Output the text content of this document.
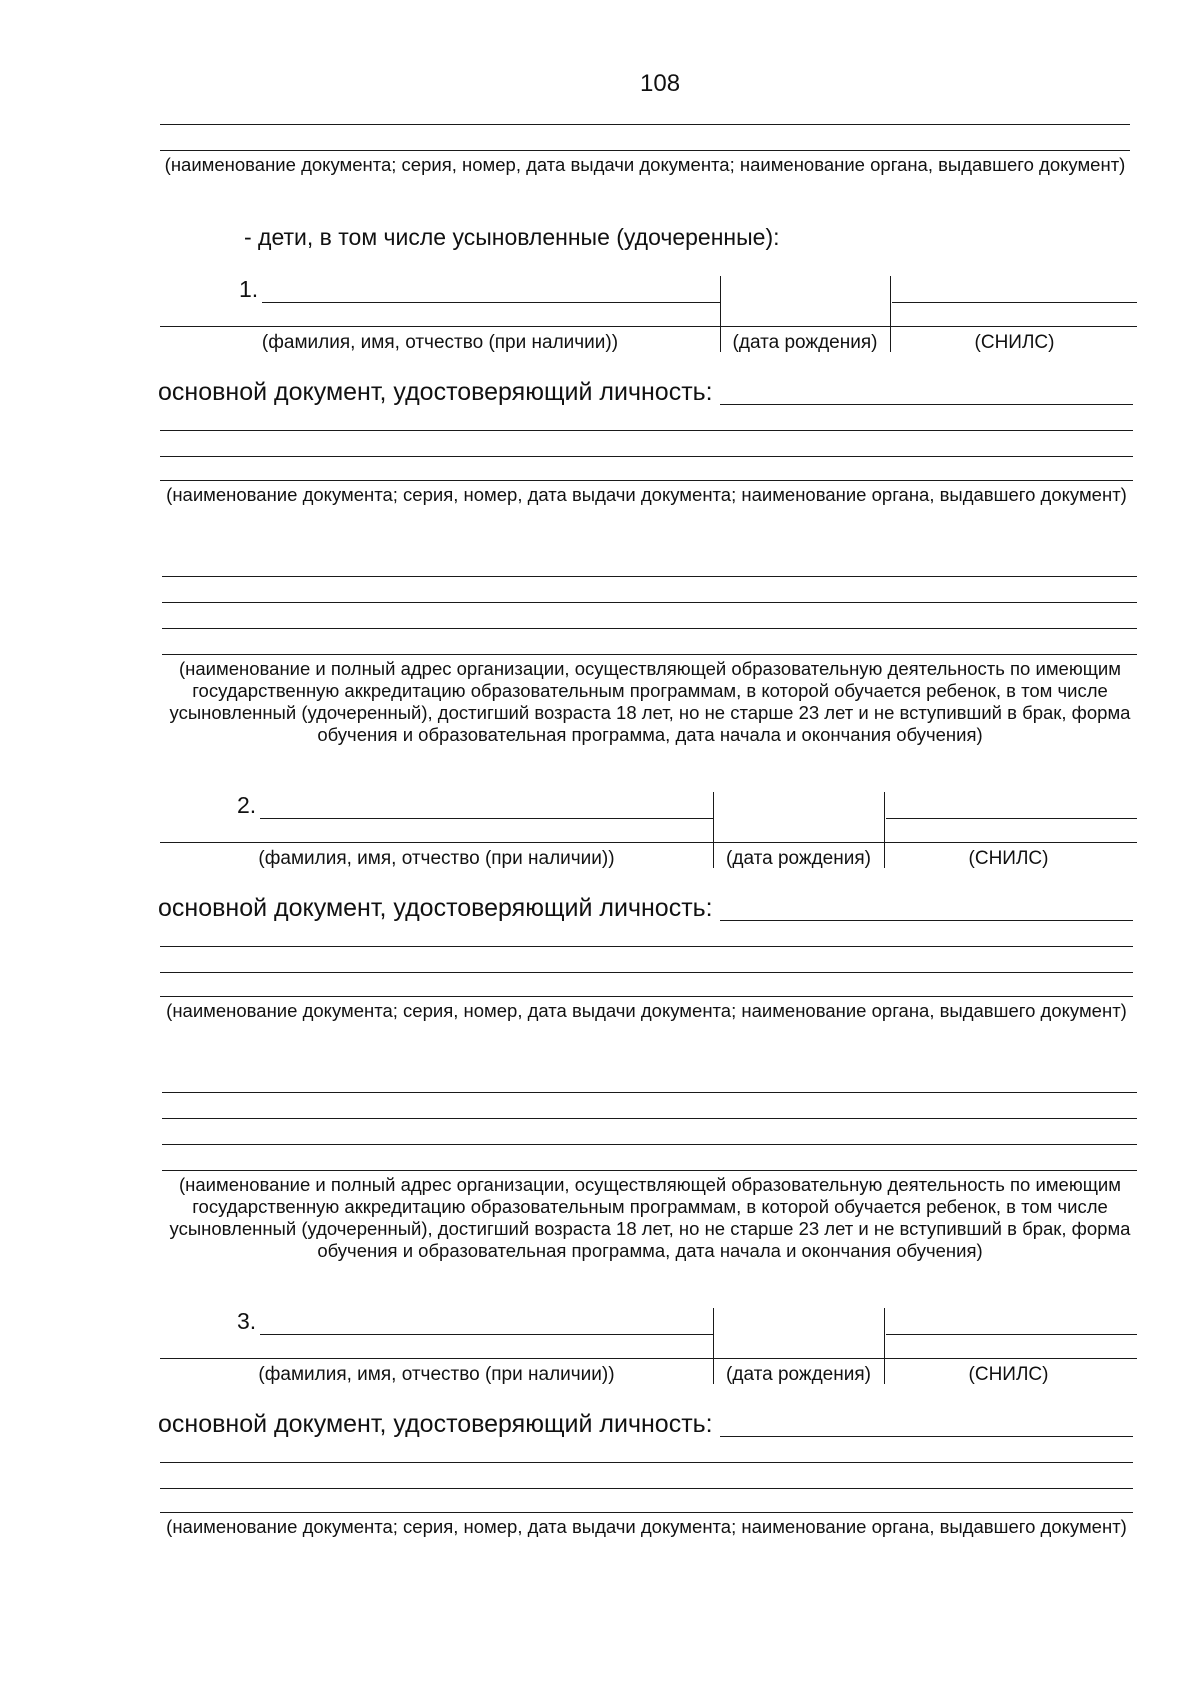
108
(наименование документа; серия, номер, дата выдачи документа; наименование органа, выдавшего документ)
- дети, в том числе усыновленные (удочеренные):
1.
(фамилия, имя, отчество (при наличии))	(дата рождения)	(СНИЛС)
основной документ, удостоверяющий личность:
(наименование документа; серия, номер, дата выдачи документа; наименование органа, выдавшего документ)
(наименование и полный адрес организации, осуществляющей образовательную деятельность по имеющим государственную аккредитацию образовательным программам, в которой обучается ребенок, в том числе усыновленный (удочеренный), достигший возраста 18 лет, но не старше 23 лет и не вступивший в брак, форма обучения и образовательная программа, дата начала и окончания обучения)
2.
(фамилия, имя, отчество (при наличии))	(дата рождения)	(СНИЛС)
основной документ, удостоверяющий личность:
(наименование документа; серия, номер, дата выдачи документа; наименование органа, выдавшего документ)
(наименование и полный адрес организации, осуществляющей образовательную деятельность по имеющим государственную аккредитацию образовательным программам, в которой обучается ребенок, в том числе усыновленный (удочеренный), достигший возраста 18 лет, но не старше 23 лет и не вступивший в брак, форма обучения и образовательная программа, дата начала и окончания обучения)
3.
(фамилия, имя, отчество (при наличии))	(дата рождения)	(СНИЛС)
основной документ, удостоверяющий личность:
(наименование документа; серия, номер, дата выдачи документа; наименование органа, выдавшего документ)
